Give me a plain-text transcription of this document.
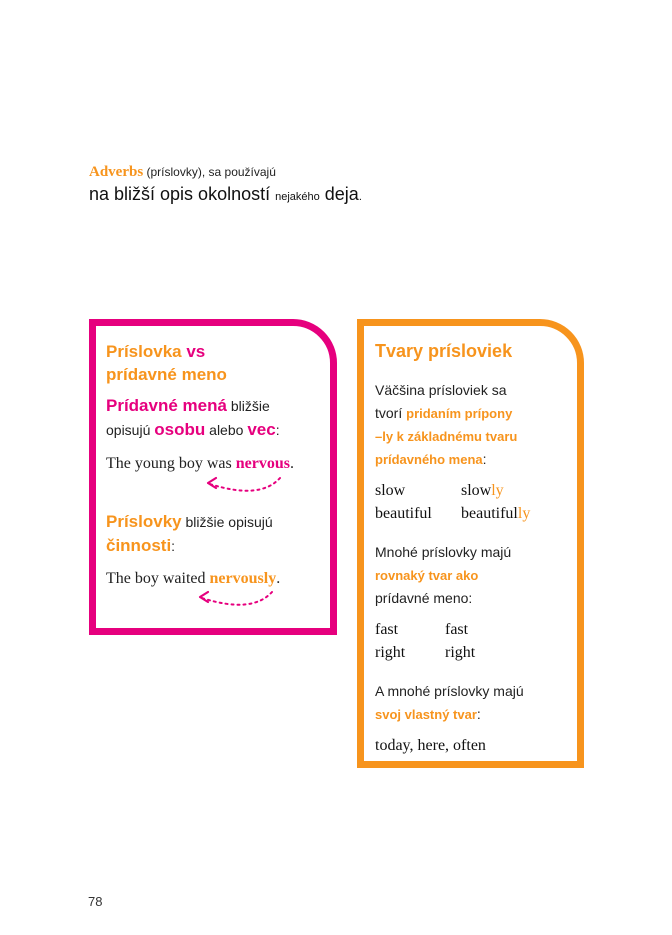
Adverbs (príslovky), sa používajú
na bližší opis okolností nejakého deja.
Príslovka vs
prídavné meno
Prídavné mená bližšie
opisujú osobu alebo vec:
The young boy was nervous.
Príslovky bližšie opisujú
činnosti:
The boy waited nervously.
Tvary prísloviek
Väčšina prísloviek sa
tvorí pridaním prípony
–ly k základnému tvaru
prídavného mena:
slow	slowly
beautiful beautifully
Mnohé príslovky majú
rovnaký tvar ako
prídavné meno:
fast	fast
right right
A mnohé príslovky majú
svoj vlastný tvar:
today, here, often
78
